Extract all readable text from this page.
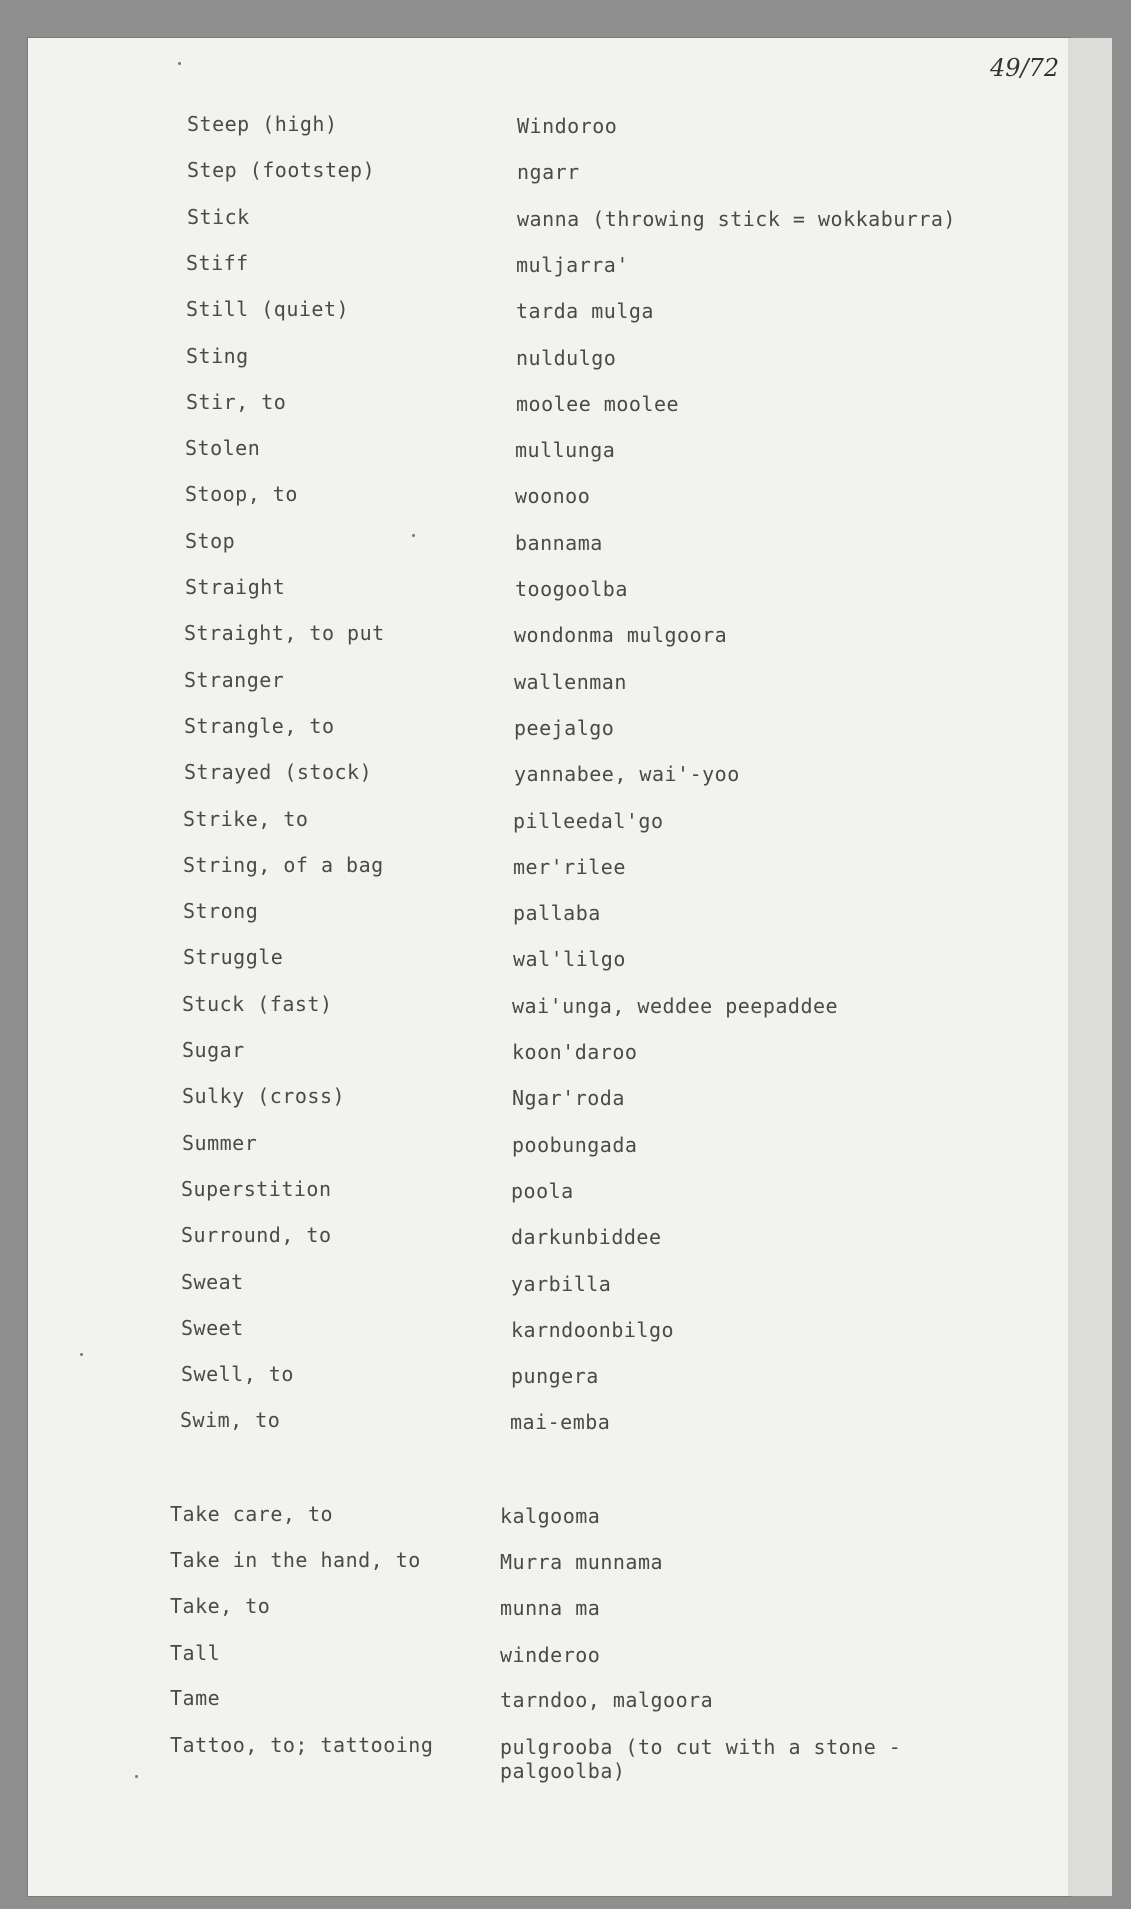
49/72
Steep (high)	Windoroo
Step (footstep)	ngarr
Stick	wanna (throwing stick = wokkaburra)
Stiff	muljarra'
Still (quiet)	tarda mulga
Sting	nuldulgo
Stir, to	moolee moolee
Stolen	mullunga
Stoop, to	woonoo
Stop	bannama
Straight	toogoolba
Straight, to put	wondonma mulgoora
Stranger	wallenman
Strangle, to	peejalgo
Strayed (stock)	yannabee, wai'-yoo
Strike, to	pilleedal'go
String, of a bag	mer'rilee
Strong	pallaba
Struggle	wal'lilgo
Stuck (fast)	wai'unga, weddee peepaddee
Sugar	koon'daroo
Sulky (cross)	Ngar'roda
Summer	poobungada
Superstition	poola
Surround, to	darkunbiddee
Sweat	yarbilla
Sweet	karndoonbilgo
Swell, to	pungera
Swim, to	mai-emba
Take care, to	kalgooma
Take in the hand, to	Murra munnama
Take, to	munna ma
Tall	winderoo
Tame	tarndoo, malgoora
Tattoo, to; tattooing	pulgrooba (to cut with a stone - palgoolba)
